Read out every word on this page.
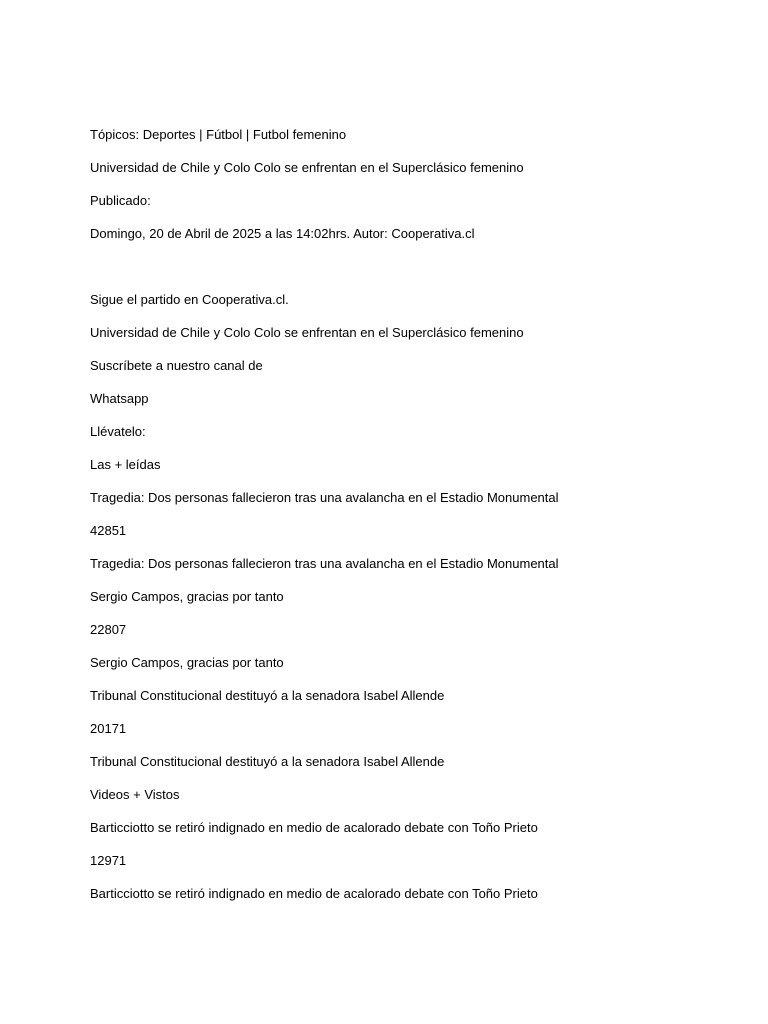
Tópicos: Deportes | Fútbol | Futbol femenino
Universidad de Chile y Colo Colo se enfrentan en el Superclásico femenino
Publicado:
Domingo, 20 de Abril de 2025 a las 14:02hrs. Autor: Cooperativa.cl
Sigue el partido en Cooperativa.cl.
Universidad de Chile y Colo Colo se enfrentan en el Superclásico femenino
Suscríbete a nuestro canal de
Whatsapp
Llévatelo:
Las + leídas
Tragedia: Dos personas fallecieron tras una avalancha en el Estadio Monumental
42851
Tragedia: Dos personas fallecieron tras una avalancha en el Estadio Monumental
Sergio Campos, gracias por tanto
22807
Sergio Campos, gracias por tanto
Tribunal Constitucional destituyó a la senadora Isabel Allende
20171
Tribunal Constitucional destituyó a la senadora Isabel Allende
Videos + Vistos
Barticciotto se retiró indignado en medio de acalorado debate con Toño Prieto
12971
Barticciotto se retiró indignado en medio de acalorado debate con Toño Prieto
